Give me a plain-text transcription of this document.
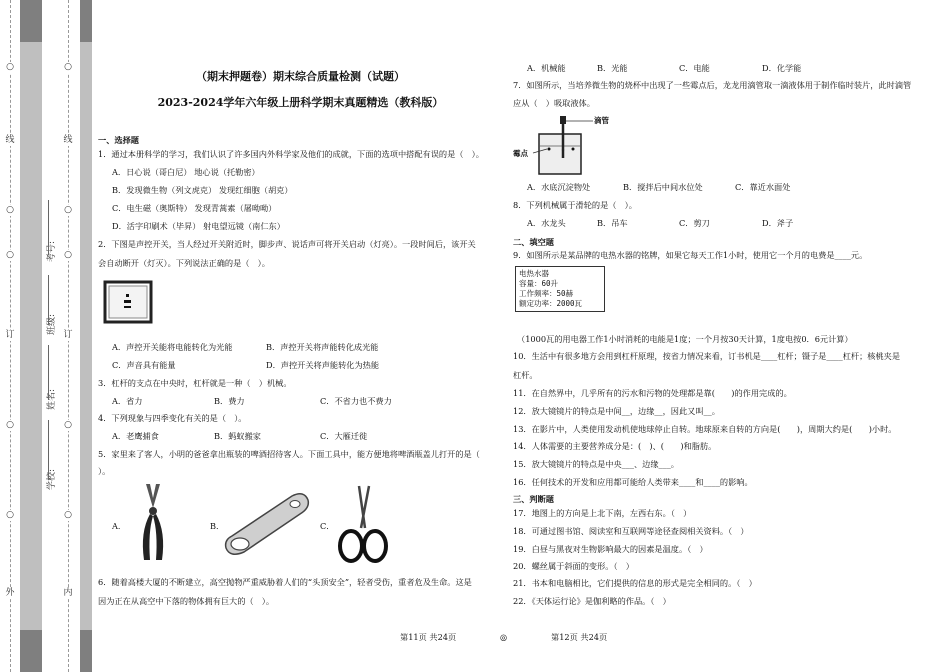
外
○
○
订
○
○
线
○
内
○
○
订
○
○
线
○
学校:
姓名:
班级:
考号:
（期末押题卷）期末综合质量检测（试题）
2023-2024学年六年级上册科学期末真题精选（教科版）
一、选择题
1．通过本册科学的学习，我们认识了许多国内外科学家及他们的成就，下面的选项中搭配有误的是（　）。
A．日心说（哥白尼） 地心说（托勒密）
B．发现微生物（列文虎克） 发现红细胞（胡克）
C．电生磁（奥斯特） 发现青蒿素（屠呦呦）
D．活字印刷术（毕昇） 射电望远镜（南仁东）
2．下图是声控开关，当人经过开关附近时，脚步声、说话声可将开关启动（灯亮）。一段时间后，该开关
会自动断开（灯灭）。下列说法正确的是（　）。
A．声控开关能将电能转化为光能	B．声控开关将声能转化成光能
C．声音具有能量	D．声控开关将声能转化为热能
3．杠杆的支点在中央时，杠杆就是一种（　）机械。
A．省力	B．费力	C．不省力也不费力
4．下列现象与四季变化有关的是（　）。
A．老鹰捕食	B．蚂蚁搬家	C．大雁迁徙
5．家里来了客人，小明的爸爸拿出瓶装的啤酒招待客人。下面工具中，能方便地将啤酒瓶盖儿打开的是（
）。
A．	B．	C．
6．随着高楼大厦的不断建立，高空抛物严重威胁着人们的“头顶安全”，轻者受伤，重者危及生命。这是
因为正在从高空中下落的物体拥有巨大的（　）。
第11页 共24页	◎
A．机械能	B．光能	C．电能	D．化学能
7．如图所示，当培养微生物的烧杯中出现了一些霉点后，龙龙用滴管取一滴液体用于制作临时装片，此时滴管
应从（　）吸取液体。
滴管
霉点
A．水底沉淀物处	B．搅拌后中间水位处	C．靠近水面处
8．下列机械属于滑轮的是（　）。
A．水龙头	B．吊车	C．剪刀	D．斧子
二、填空题
9．如图所示是某品牌的电热水器的铭牌，如果它每天工作1小时，使用它一个月的电费是____元。
电热水器
容量：60升
工作频率：50赫
额定功率：2000瓦
（1000瓦的用电器工作1小时消耗的电能是1度；一个月按30天计算，1度电按0．6元计算）
10．生活中有很多地方会用到杠杆原理，按省力情况来看，订书机是____杠杆；镊子是____杠杆；核桃夹是
杠杆。
11．在自然界中，几乎所有的污水和污物的处理都是靠(　　)的作用完成的。
12．放大镜镜片的特点是中间__，边缘__，因此又叫__。
13．在影片中，人类使用发动机使地球停止自转。地球原来自转的方向是(　　)，周期大约是(　　)小时。
14．人体需要的主要营养成分是：(　)、(　　)和脂肪。
15．放大镜镜片的特点是中央___、边缘___。
16．任何技术的开发和应用都可能给人类带来____和____的影响。
三、判断题
17．地图上的方向是上北下南，左西右东。（　）
18．可通过图书馆、阅读室和互联网等途径查阅相关资料。（　）
19．白昼与黑夜对生物影响最大的因素是温度。（　）
20．螺丝属于斜面的变形。（　）
21．书本和电脑相比，它们提供的信息的形式是完全相同的。（　）
22．《天体运行论》是伽利略的作品。（　）
第12页 共24页
